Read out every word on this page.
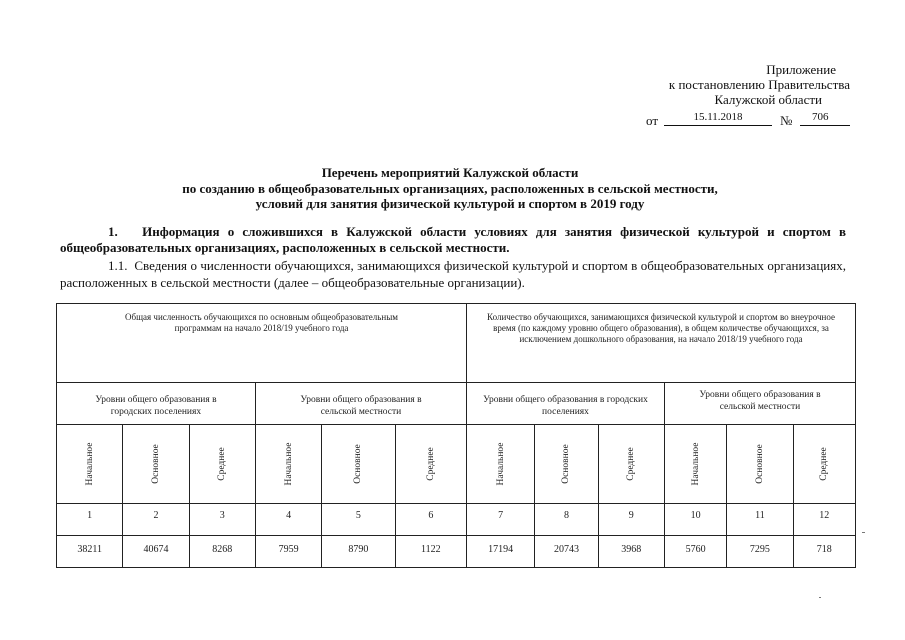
Приложение
к постановлению Правительства
Калужской области
от	15.11.2018	№	706
Перечень мероприятий Калужской области
по созданию в общеобразовательных организациях, расположенных в сельской местности,
условий для занятия физической культурой и спортом в 2019 году
1. Информация о сложившихся в Калужской области условиях для занятия физической культурой и спортом в общеобразовательных организациях, расположенных в сельской местности.
1.1. Сведения о численности обучающихся, занимающихся физической культурой и спортом в общеобразовательных организациях, расположенных в сельской местности (далее – общеобразовательные организации).
Общая численность обучающихся по основным общеобразовательным программам на начало 2018/19 учебного года						Количество обучающихся, занимающихся физической культурой и спортом во внеурочное время (по каждому уровню общего образования), в общем количестве обучающихся, за исключением дошкольного образования, на начало 2018/19 учебного года					

Уровни общего образования в городских поселениях			Уровни общего образования в сельской местности			Уровни общего образования в городских поселениях			Уровни общего образования в сельской местности		

Начальное	Основное	Среднее	Начальное	Основное	Среднее	Начальное	Основное	Среднее	Начальное	Основное	Среднее

1	2	3	4	5	6	7	8	9	10	11	12

38211	40674	8268	7959	8790	1122	17194	20743	3968	5760	7295	718
